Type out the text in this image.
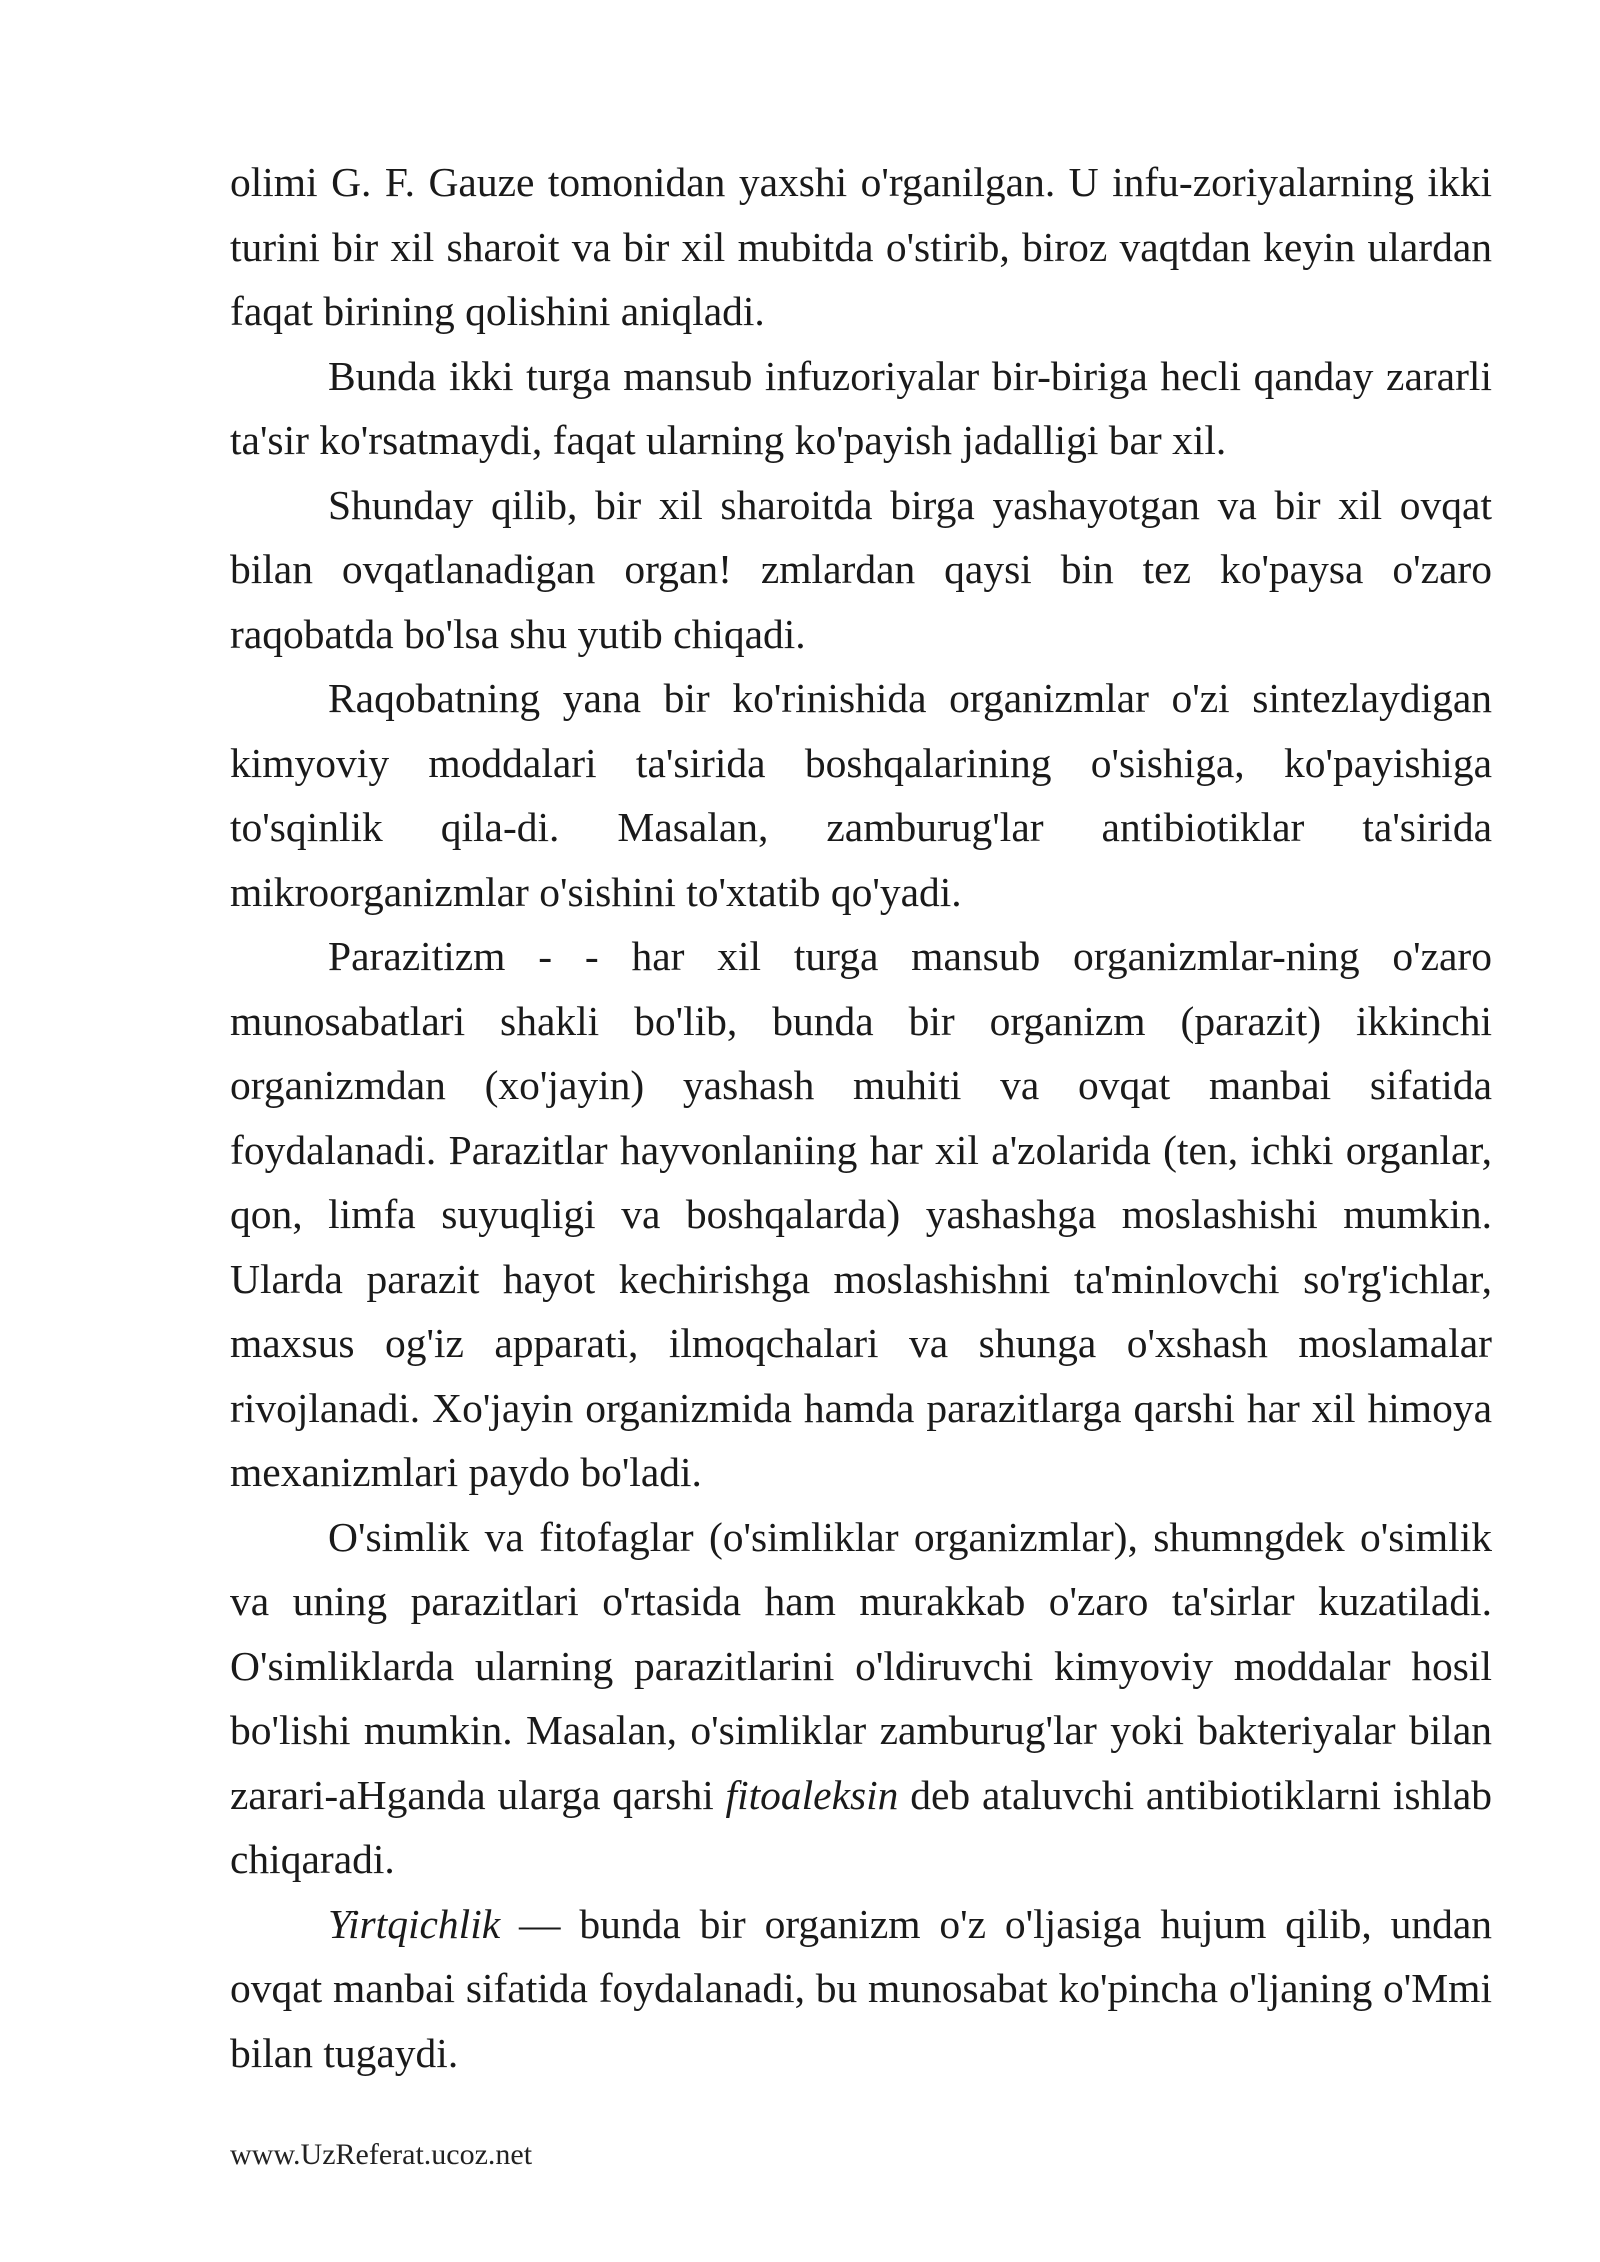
olimi G. F. Gauze tomonidan yaxshi o'rganilgan. U infu-zoriyalarning ikki turini bir xil sharoit va bir xil mubitda o'stirib, biroz vaqtdan keyin ulardan faqat birining qolishini aniqladi.

Bunda ikki turga mansub infuzoriyalar bir-biriga hecli qanday zararli ta'sir ko'rsatmaydi, faqat ularning ko'payish jadalligi bar xil.

Shunday qilib, bir xil sharoitda birga yashayotgan va bir xil ovqat bilan ovqatlanadigan organ! zmlardan qaysi bin tez ko'paysa o'zaro raqobatda bo'lsa shu yutib chiqadi.

Raqobatning yana bir ko'rinishida organizmlar o'zi sintezlaydigan kimyoviy moddalari ta'sirida boshqalarining o'sishiga, ko'payishiga to'sqinlik qila-di. Masalan, zamburug'lar antibiotiklar ta'sirida mikroorganizmlar o'sishini to'xtatib qo'yadi.

Parazitizm - - har xil turga mansub organizmlar-ning o'zaro munosabatlari shakli bo'lib, bunda bir organizm (parazit) ikkinchi organizmdan (xo'jayin) yashash muhiti va ovqat manbai sifatida foydalanadi. Parazitlar hayvonlaniing har xil a'zolarida (ten, ichki organlar, qon, limfa suyuqligi va boshqalarda) yashashga moslashishi mumkin. Ularda parazit hayot kechirishga moslashishni ta'minlovchi so'rg'ichlar, maxsus og'iz apparati, ilmoqchalari va shunga o'xshash moslamalar rivojlanadi. Xo'jayin organizmida hamda parazitlarga qarshi har xil himoya mexanizmlari paydo bo'ladi.

O'simlik va fitofaglar (o'simliklar organizmlar), shumngdek o'simlik va uning parazitlari o'rtasida ham murakkab o'zaro ta'sirlar kuzatiladi. O'simliklarda ularning parazitlarini o'ldiruvchi kimyoviy moddalar hosil bo'lishi mumkin. Masalan, o'simliklar zamburug'lar yoki bakteriyalar bilan zarari-aHganda ularga qarshi fitoaleksin deb ataluvchi antibiotiklarni ishlab chiqaradi.

Yirtqichlik — bunda bir organizm o'z o'ljasiga hujum qilib, undan ovqat manbai sifatida foydalanadi, bu munosabat ko'pincha o'ljaning o'Mmi bilan tugaydi.

www.UzReferat.ucoz.net
